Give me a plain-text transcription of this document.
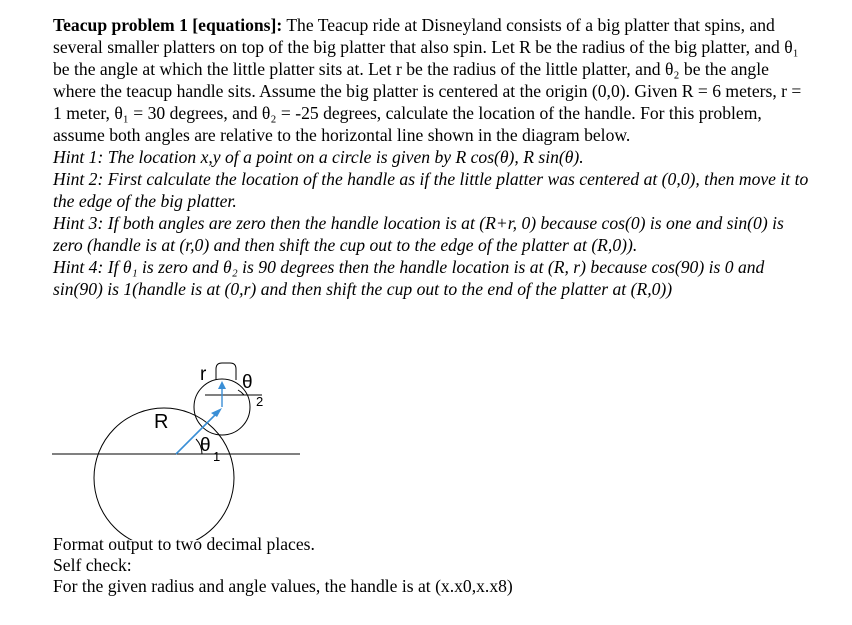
Teacup problem 1 [equations]: The Teacup ride at Disneyland consists of a big platter that spins, and several smaller platters on top of the big platter that also spin. Let R be the radius of the big platter, and θ₁ be the angle at which the little platter sits at. Let r be the radius of the little platter, and θ₂ be the angle where the teacup handle sits. Assume the big platter is centered at the origin (0,0). Given R = 6 meters, r = 1 meter, θ₁ = 30 degrees, and θ₂ = -25 degrees, calculate the location of the handle. For this problem, assume both angles are relative to the horizontal line shown in the diagram below.

Hint 1: The location x,y of a point on a circle is given by R cos(θ), R sin(θ).

Hint 2: First calculate the location of the handle as if the little platter was centered at (0,0), then move it to the edge of the big platter.

Hint 3: If both angles are zero then the handle location is at (R+r, 0) because cos(0) is one and sin(0) is zero (handle is at (r,0) and then shift the cup out to the edge of the platter at (R,0)).

Hint 4: If θ₁ is zero and θ₂ is 90 degrees then the handle location is at (R, r) because cos(90) is 0 and sin(90) is 1(handle is at (0,r) and then shift the cup out to the end of the platter at (R,0))

R
r
θ
1
θ
2

Format output to two decimal places.

Self check:

For the given radius and angle values, the handle is at (x.x0,x.x8)
